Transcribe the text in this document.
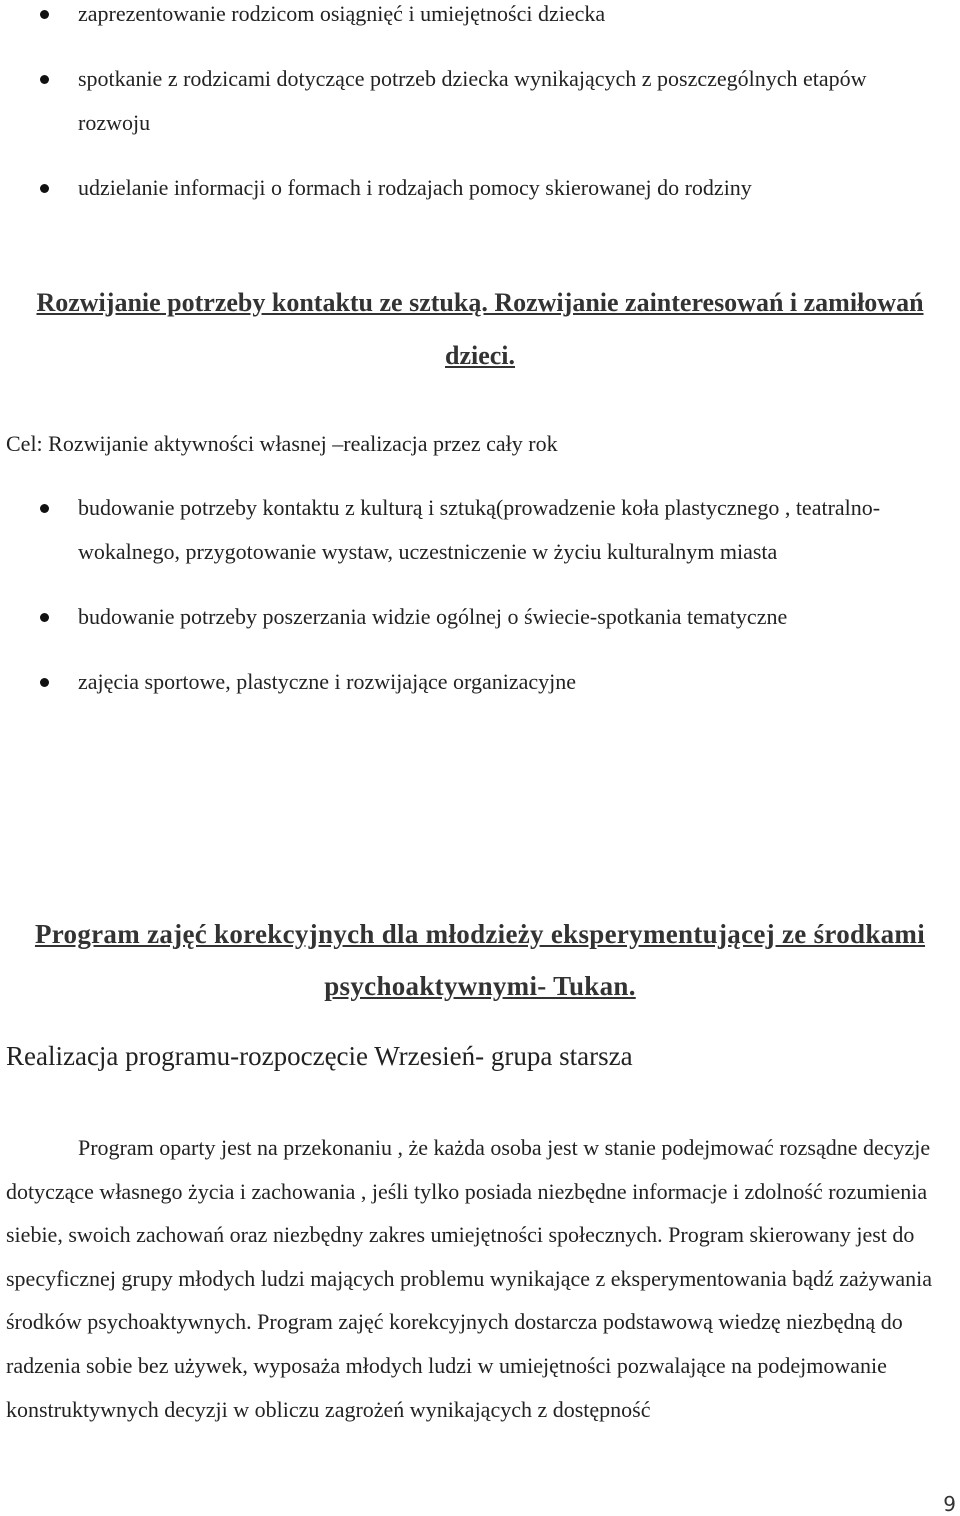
zaprezentowanie rodzicom osiągnięć i umiejętności dziecka
spotkanie z rodzicami dotyczące potrzeb dziecka wynikających z poszczególnych etapów rozwoju
udzielanie informacji o formach i rodzajach pomocy skierowanej do rodziny
Rozwijanie potrzeby kontaktu ze sztuką. Rozwijanie zainteresowań i zamiłowań dzieci.
Cel: Rozwijanie aktywności własnej –realizacja przez cały rok
budowanie potrzeby kontaktu z kulturą i sztuką(prowadzenie koła plastycznego , teatralno- wokalnego, przygotowanie wystaw, uczestniczenie w życiu kulturalnym miasta
budowanie potrzeby poszerzania widzie ogólnej o świecie-spotkania tematyczne
zajęcia sportowe, plastyczne i rozwijające organizacyjne
Program zajęć korekcyjnych dla młodzieży eksperymentującej ze środkami psychoaktywnymi- Tukan.
Realizacja programu-rozpoczęcie Wrzesień- grupa starsza

Program oparty jest na przekonaniu , że każda osoba jest w stanie podejmować rozsądne decyzje dotyczące własnego życia i zachowania , jeśli tylko posiada niezbędne informacje i zdolność rozumienia siebie, swoich zachowań oraz niezbędny zakres umiejętności społecznych. Program skierowany jest do specyficznej grupy młodych ludzi mających problemu wynikające z eksperymentowania bądź zażywania środków psychoaktywnych. Program zajęć korekcyjnych dostarcza podstawową wiedzę niezbędną do radzenia sobie bez używek, wyposaża młodych ludzi w umiejętności pozwalające na podejmowanie konstruktywnych decyzji w obliczu zagrożeń wynikających z dostępność

9
